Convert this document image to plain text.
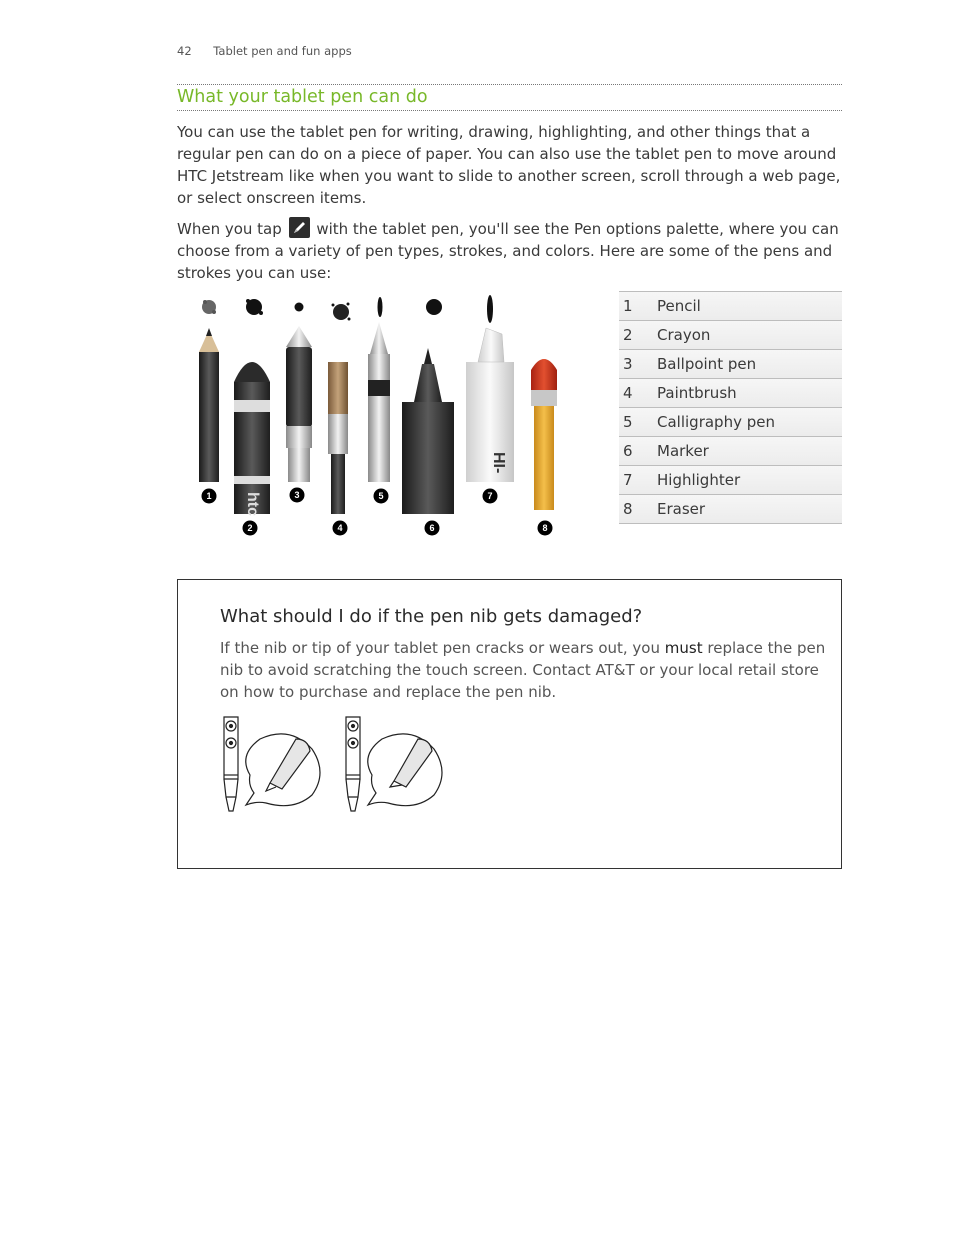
42 Tablet pen and fun apps
What your tablet pen can do

You can use the tablet pen for writing, drawing, highlighting, and other things that a regular pen can do on a piece of paper. You can also use the tablet pen to move around HTC Jetstream like when you want to slide to another screen, scroll through a web page, or select onscreen items.

When you tap with the tablet pen, you'll see the Pen options palette, where you can choose from a variety of pen types, strokes, and colors. Here are some of the pens and strokes you can use:

HI-
htc
1
2
3
4
5
6
7
8
1	Pencil
2	Crayon
3	Ballpoint pen
4	Paintbrush
5	Calligraphy pen
6	Marker
7	Highlighter
8	Eraser
What should I do if the pen nib gets damaged?

If the nib or tip of your tablet pen cracks or wears out, you must replace the pen nib to avoid scratching the touch screen. Contact AT&T or your local retail store on how to purchase and replace the pen nib.
